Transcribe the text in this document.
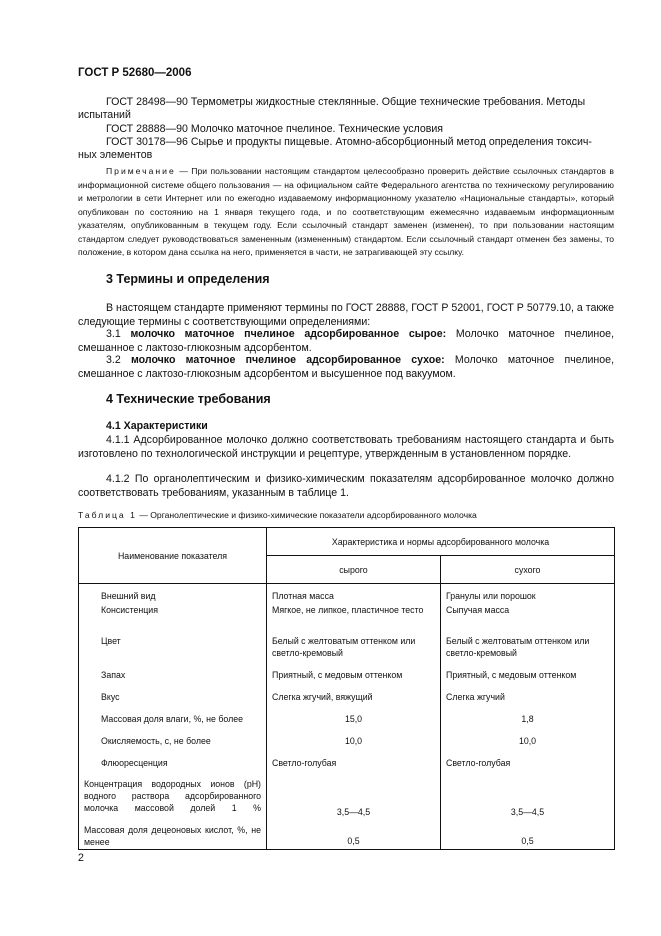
ГОСТ Р 52680—2006
ГОСТ 28498—90 Термометры жидкостные стеклянные. Общие технические требования. Методы
испытаний
ГОСТ 28888—90 Молочко маточное пчелиное. Технические условия
ГОСТ 30178—96 Сырье и продукты пищевые. Атомно-абсорбционный метод определения токсич-
ных элементов
Примечание — При пользовании настоящим стандартом целесообразно проверить действие ссылочных стандартов в информационной системе общего пользования — на официальном сайте Федерального агентства по техническому регулированию и метрологии в сети Интернет или по ежегодно издаваемому информационному указателю «Национальные стандарты», который опубликован по состоянию на 1 января текущего года, и по соответствующим ежемесячно издаваемым информационным указателям, опубликованным в текущем году. Если ссылочный стандарт заменен (изменен), то при пользовании настоящим стандартом следует руководствоваться замененным (измененным) стандартом. Если ссылочный стандарт отменен без замены, то положение, в котором дана ссылка на него, применяется в части, не затрагивающей эту ссылку.
3 Термины и определения
В настоящем стандарте применяют термины по ГОСТ 28888, ГОСТ Р 52001, ГОСТ Р 50779.10, а также следующие термины с соответствующими определениями:
3.1 молочко маточное пчелиное адсорбированное сырое: Молочко маточное пчелиное, смешанное с лактозо-глюкозным адсорбентом.
3.2 молочко маточное пчелиное адсорбированное сухое: Молочко маточное пчелиное, смешанное с лактозо-глюкозным адсорбентом и высушенное под вакуумом.
4 Технические требования
4.1 Характеристики
4.1.1 Адсорбированное молочко должно соответствовать требованиям настоящего стандарта и быть изготовлено по технологической инструкции и рецептуре, утвержденным в установленном порядке.
4.1.2 По органолептическим и физико-химическим показателям адсорбированное молочко должно соответствовать требованиям, указанным в таблице 1.
Таблица 1 — Органолептические и физико-химические показатели адсорбированного молочка
Наименование показателя	Характеристика и нормы адсорбированного молочка	
	сырого	сухого
Внешний вид	Плотная масса	Гранулы или порошок
Консистенция	Мягкое, не липкое, пластичное тесто	Сыпучая масса
Цвет	Белый с желтоватым оттенком или светло-кремовый	Белый с желтоватым оттенком или светло-кремовый
Запах	Приятный, с медовым оттенком	Приятный, с медовым оттенком
Вкус	Слегка жгучий, вяжущий	Слегка жгучий
Массовая доля влаги, %, не более	15,0	1,8
Окисляемость, с, не более	10,0	10,0
Флюоресценция	Светло-голубая	Светло-голубая
Концентрация водородных ионов (pH) водного раствора адсорбированного молочка массовой долей 1 %	3,5—4,5	3,5—4,5
Массовая доля децеоновых кислот, %, не менее	0,5	0,5
2
